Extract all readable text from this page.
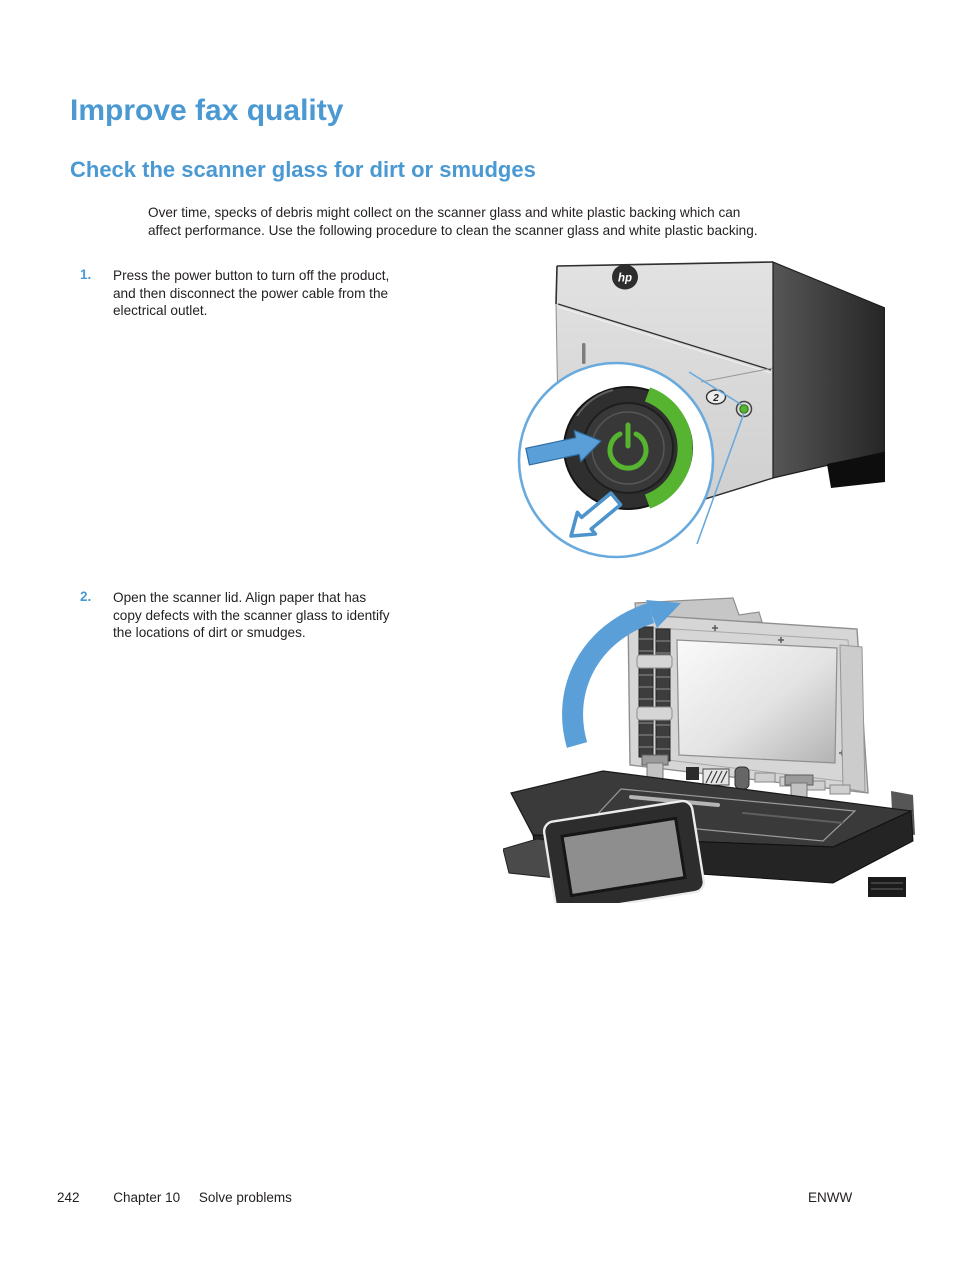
Improve fax quality
Check the scanner glass for dirt or smudges
Over time, specks of debris might collect on the scanner glass and white plastic backing which can
affect performance. Use the following procedure to clean the scanner glass and white plastic backing.
1. Press the power button to turn off the product,
and then disconnect the power cable from the
electrical outlet.
hp
2
2. Open the scanner lid. Align paper that has
copy defects with the scanner glass to identify
the locations of dirt or smudges.
242	Chapter 10 Solve problems	ENWW
